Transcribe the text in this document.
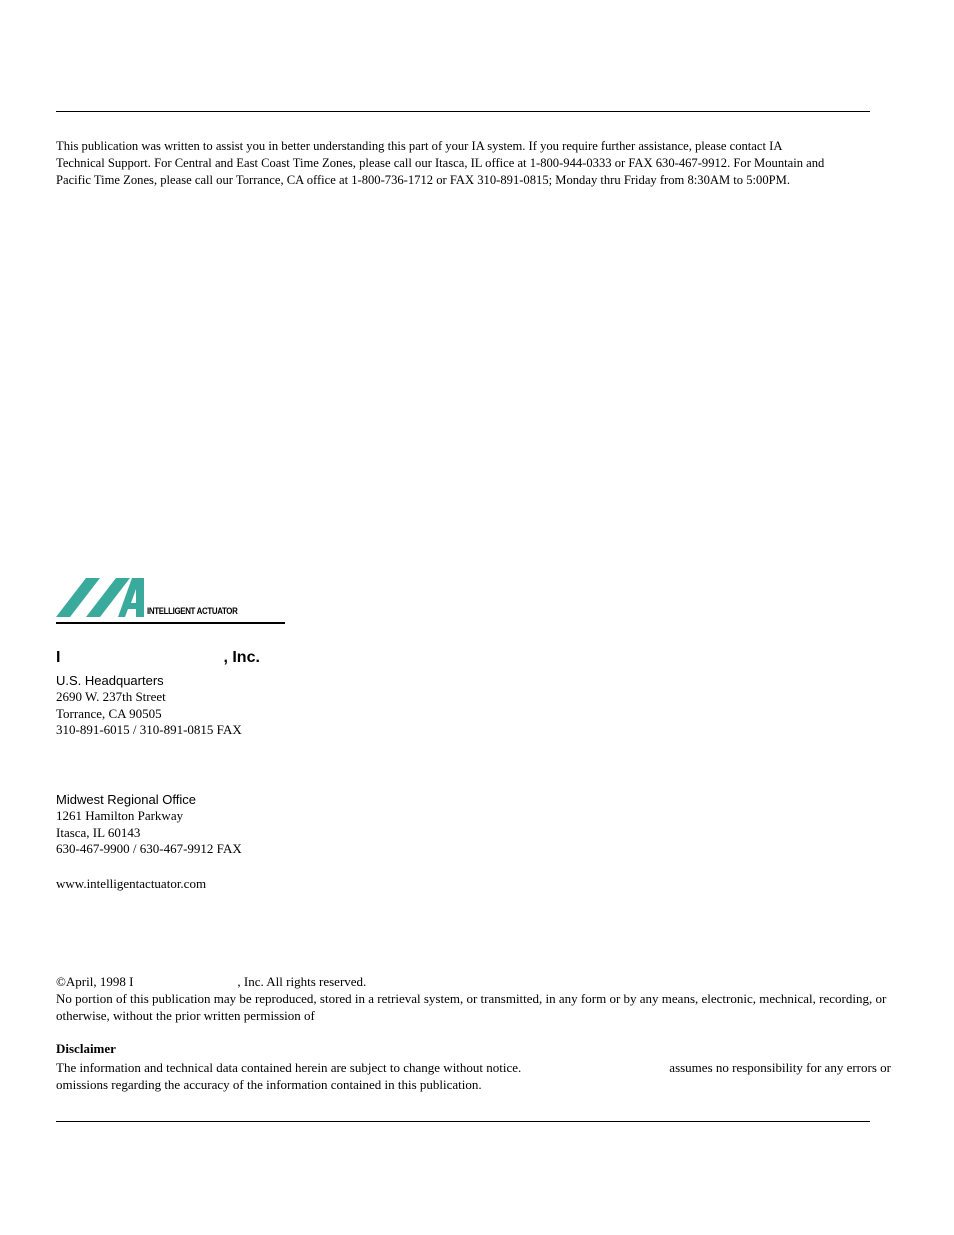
This publication was written to assist you in better understanding this part of your IA system. If you require further assistance, please contact IA Technical Support. For Central and East Coast Time Zones, please call our Itasca, IL office at 1-800-944-0333 or FAX 630-467-9912. For Mountain and Pacific Time Zones, please call our Torrance, CA office at 1-800-736-1712 or FAX 310-891-0815; Monday thru Friday from 8:30AM to 5:00PM.
INTELLIGENT ACTUATOR
I	, Inc.
U.S. Headquarters
2690 W. 237th Street
Torrance, CA 90505
310-891-6015 / 310-891-0815 FAX
Midwest Regional Office
1261 Hamilton Parkway
Itasca, IL 60143
630-467-9900 / 630-467-9912 FAX
www.intelligentactuator.com
©April, 1998 I	, Inc. All rights reserved.
No portion of this publication may be reproduced, stored in a retrieval system, or transmitted, in any form or by any means, electronic, mechnical, recording, or otherwise, without the prior written permission of
Disclaimer
The information and technical data contained herein are subject to change without notice.	assumes no responsibility for any errors or omissions regarding the accuracy of the information contained in this publication.
